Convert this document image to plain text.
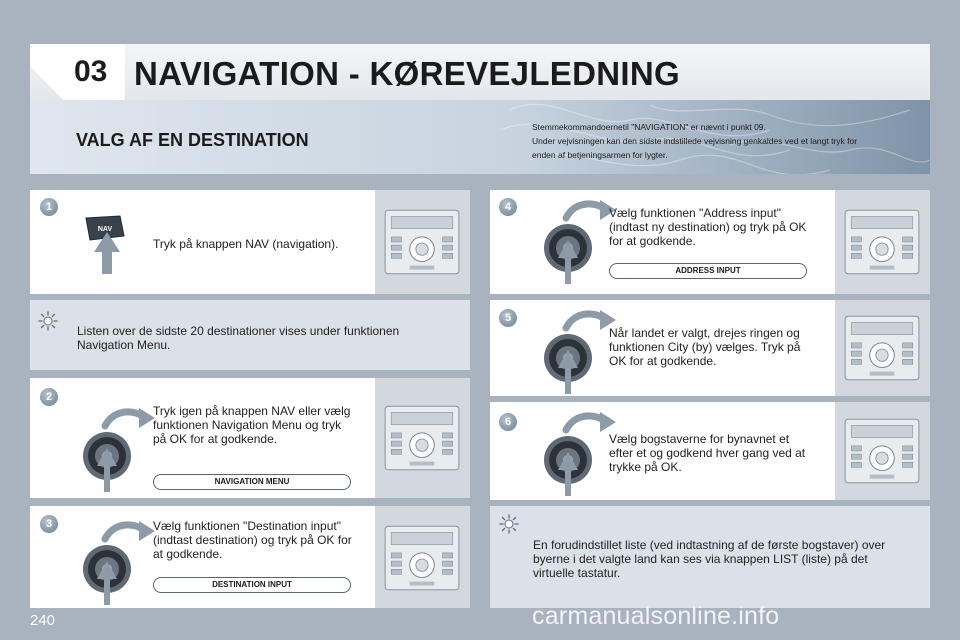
03 NAVIGATION - KØREVEJLEDNING
VALG AF EN DESTINATION

Stemmekommandoernetil "NAVIGATION" er nævnt i punkt 09.

Under vejvisningen kan den sidste indstillede vejvisning genkaldes ved et langt tryk for

enden af betjeningsarmen for lygter.

1
NAV
Tryk på knappen NAV (navigation).
Listen over de sidste 20 destinationer vises under funktionen
Navigation Menu.
2
Tryk igen på knappen NAV eller vælg
funktionen Navigation Menu og tryk
på OK for at godkende.
NAVIGATION MENU
3	Vælg funktionen "Destination input"
(indtast destination) og tryk på OK for
at godkende.
DESTINATION INPUT
4	Vælg funktionen "Address input"
(indtast ny destination) og tryk på OK
for at godkende.
ADDRESS INPUT
5
Når landet er valgt, drejes ringen og
funktionen City (by) vælges. Tryk på
OK for at godkende.
6
Vælg bogstaverne for bynavnet et
efter et og godkend hver gang ved at
trykke på OK.
En forudindstillet liste (ved indtastning af de første bogstaver) over
byerne i det valgte land kan ses via knappen LIST (liste) på det
virtuelle tastatur.
240	carmanualsonline.info
